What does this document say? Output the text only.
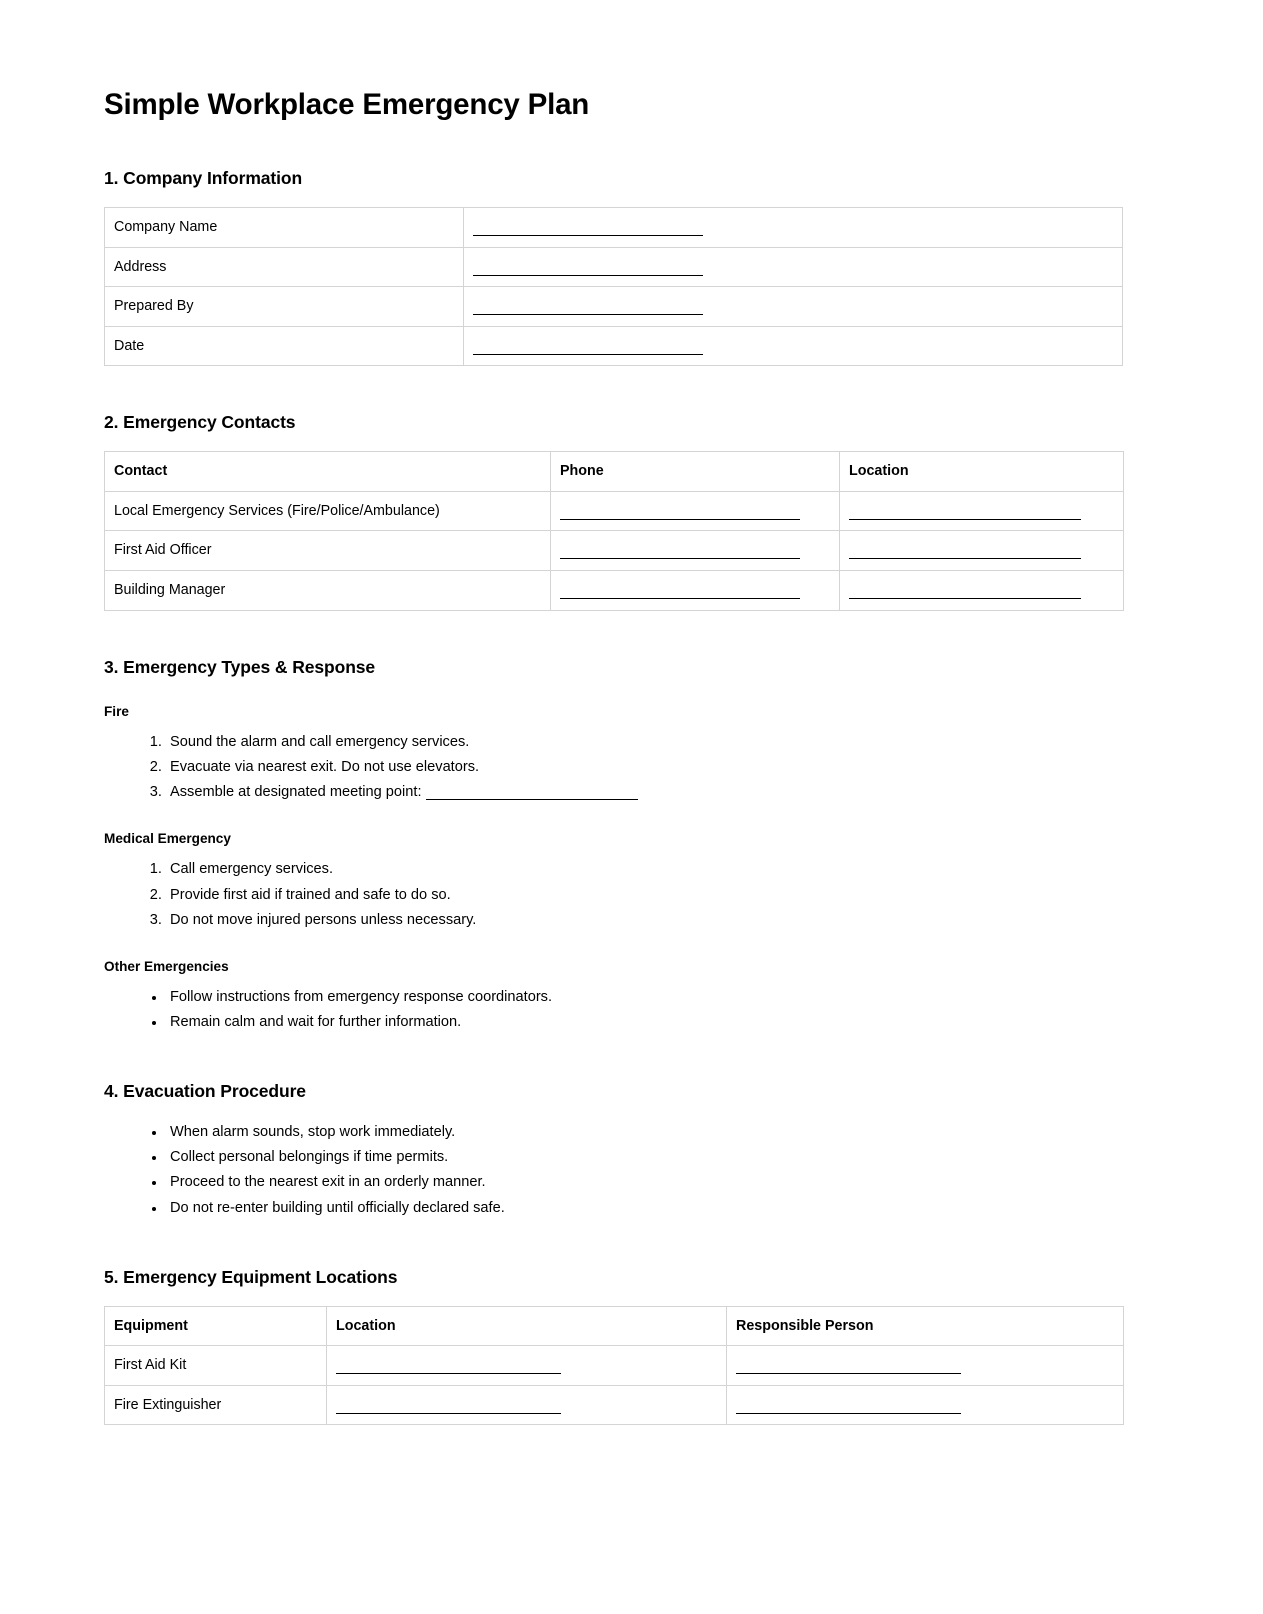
Simple Workplace Emergency Plan
1. Company Information
Company Name	
Address	
Prepared By	
Date	
2. Emergency Contacts
Contact	Phone	Location
Local Emergency Services (Fire/Police/Ambulance)		
First Aid Officer		
Building Manager		
3. Emergency Types & Response
Fire
1. Sound the alarm and call emergency services.
2. Evacuate via nearest exit. Do not use elevators.
3. Assemble at designated meeting point:
Medical Emergency
1. Call emergency services.
2. Provide first aid if trained and safe to do so.
3. Do not move injured persons unless necessary.
Other Emergencies
• Follow instructions from emergency response coordinators.
• Remain calm and wait for further information.
4. Evacuation Procedure
• When alarm sounds, stop work immediately.
• Collect personal belongings if time permits.
• Proceed to the nearest exit in an orderly manner.
• Do not re-enter building until officially declared safe.
5. Emergency Equipment Locations
Equipment	Location	Responsible Person
First Aid Kit		
Fire Extinguisher		
